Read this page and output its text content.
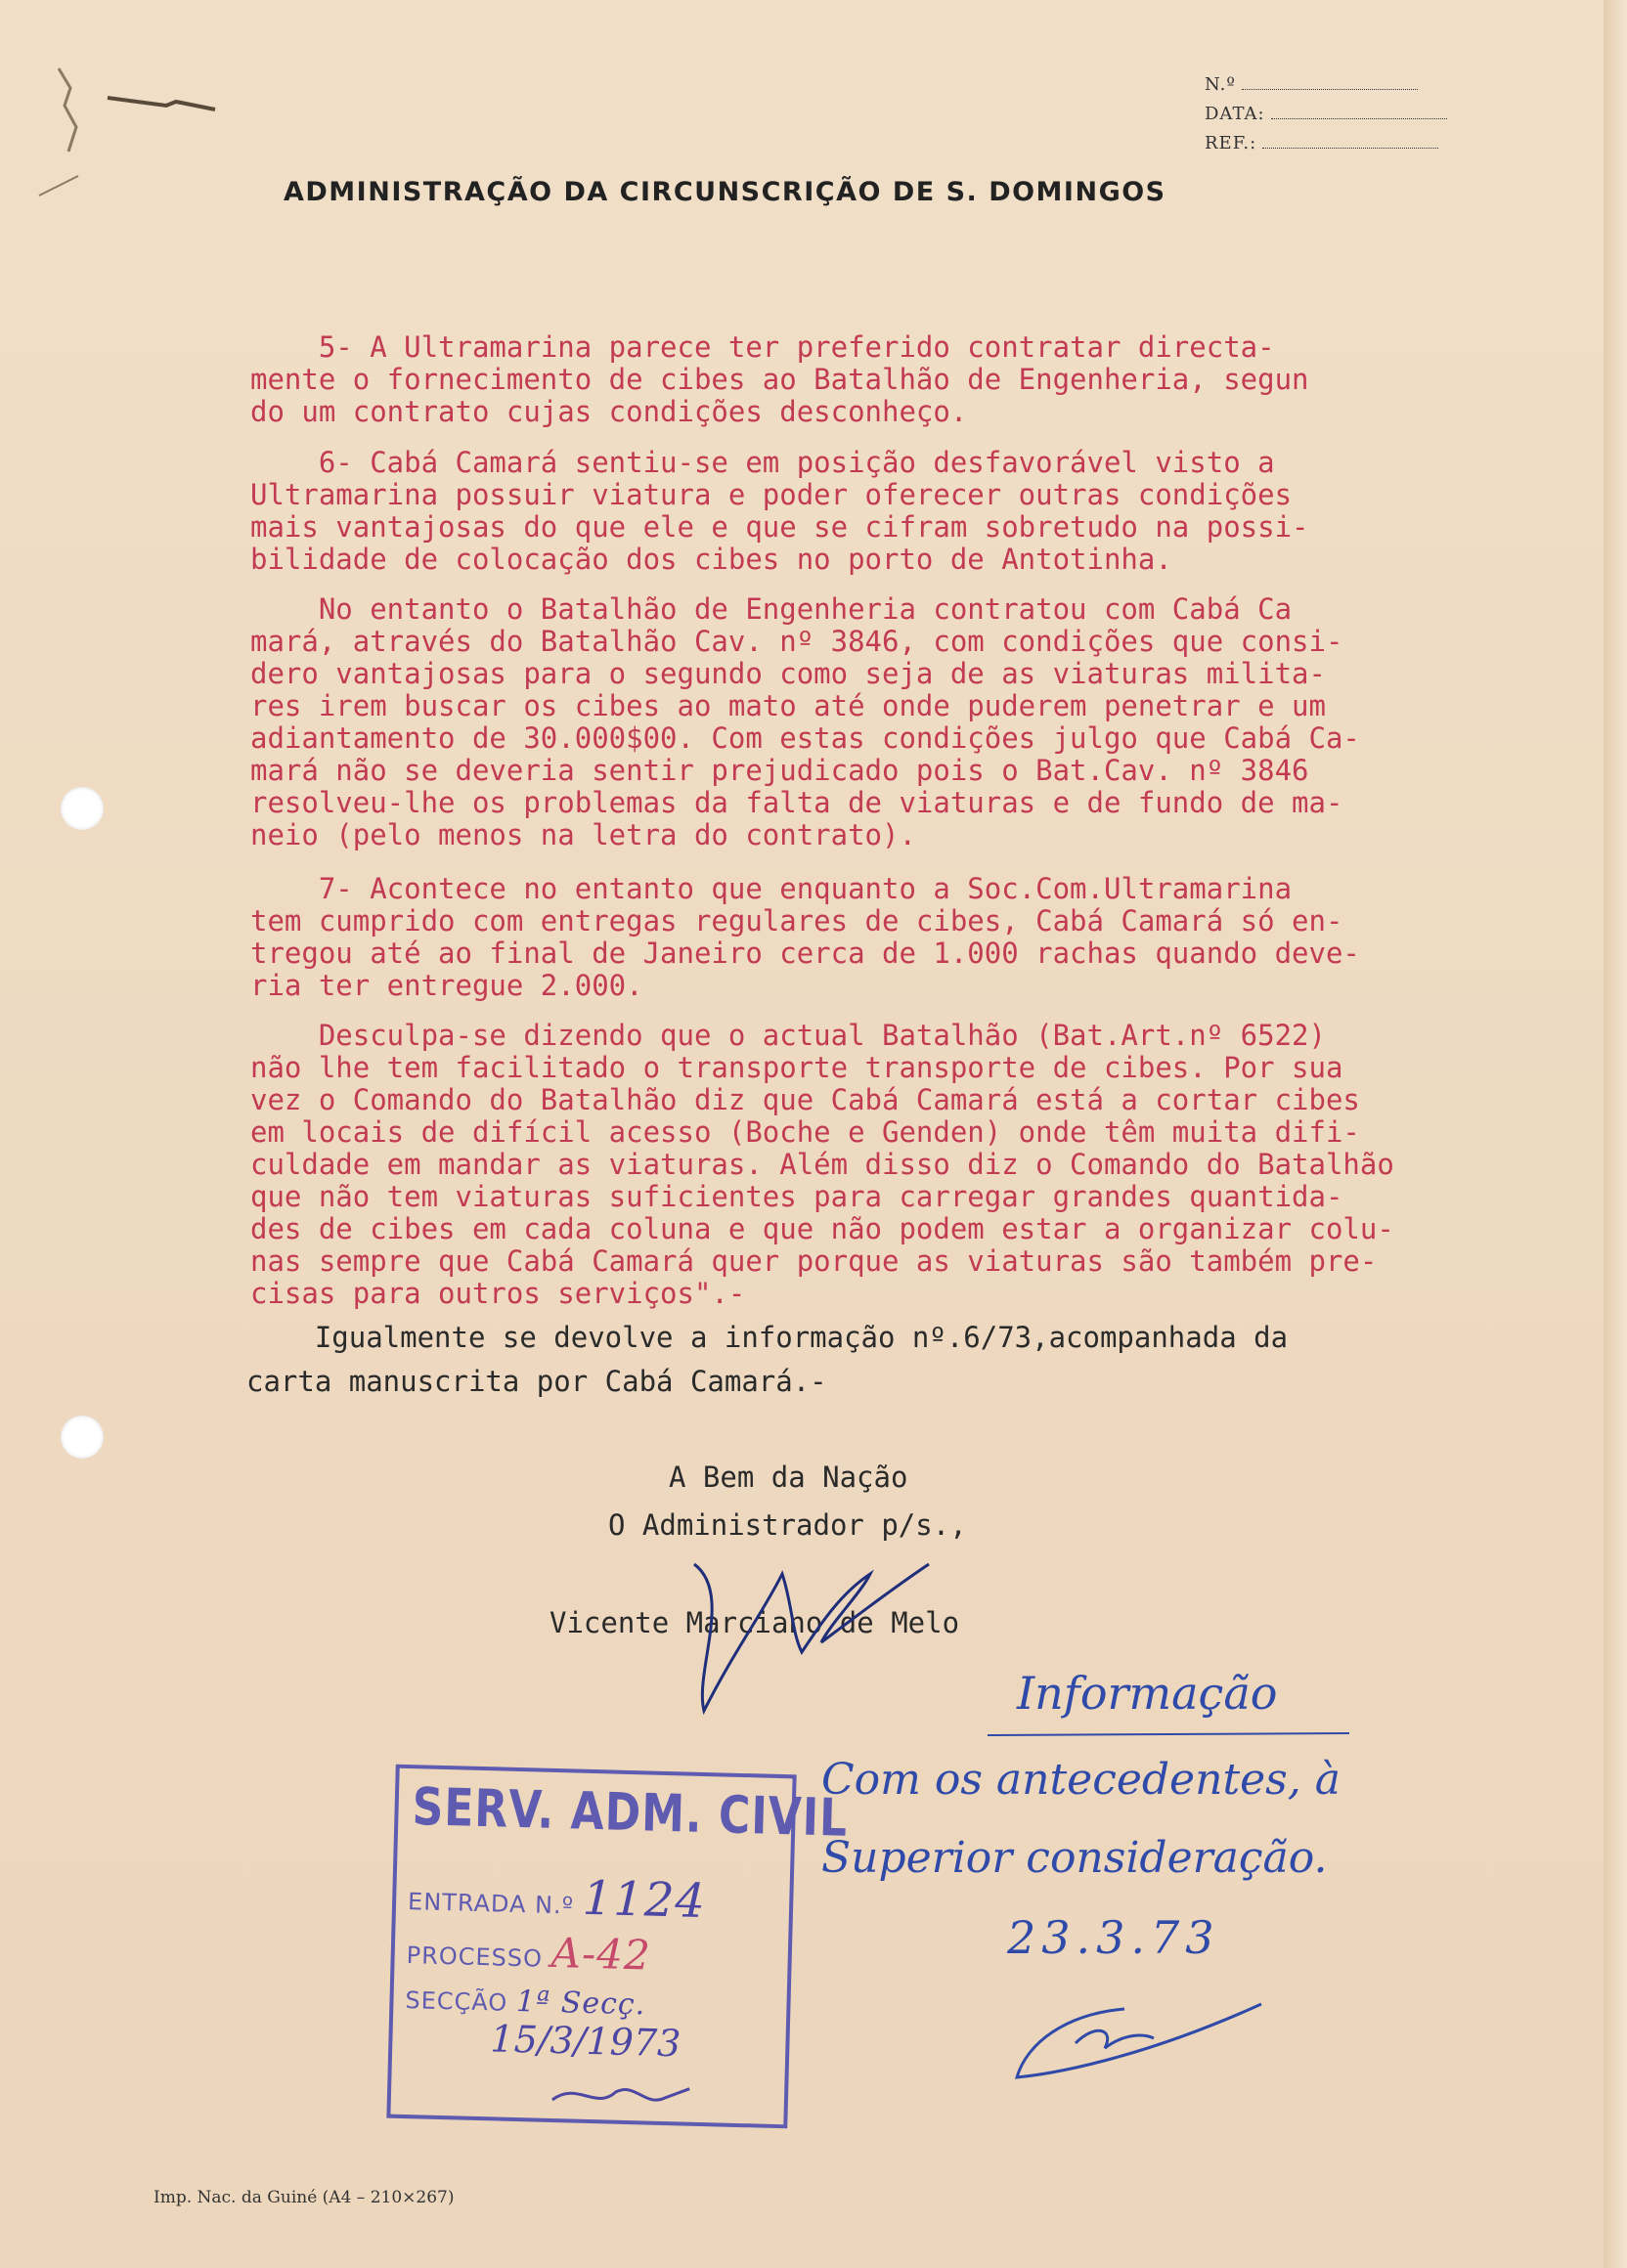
N.º
DATA:
REF.:
ADMINISTRAÇÃO DA CIRCUNSCRIÇÃO DE S. DOMINGOS

5- A Ultramarina parece ter preferido contratar directa-
mente o fornecimento de cibes ao Batalhão de Engenheria, segun
do um contrato cujas condições desconheço.

6- Cabá Camará sentiu-se em posição desfavorável visto a
Ultramarina possuir viatura e poder oferecer outras condições
mais vantajosas do que ele e que se cifram sobretudo na possi-
bilidade de colocação dos cibes no porto de Antotinha.

No entanto o Batalhão de Engenheria contratou com Cabá Ca
mará, através do Batalhão Cav. nº 3846, com condições que consi-
dero vantajosas para o segundo como seja de as viaturas milita-
res irem buscar os cibes ao mato até onde puderem penetrar e um
adiantamento de 30.000$00. Com estas condições julgo que Cabá Ca-
mará não se deveria sentir prejudicado pois o Bat.Cav. nº 3846
resolveu-lhe os problemas da falta de viaturas e de fundo de ma-
neio (pelo menos na letra do contrato).

7- Acontece no entanto que enquanto a Soc.Com.Ultramarina
tem cumprido com entregas regulares de cibes, Cabá Camará só en-
tregou até ao final de Janeiro cerca de 1.000 rachas quando deve-
ria ter entregue 2.000.

Desculpa-se dizendo que o actual Batalhão (Bat.Art.nº 6522)
não lhe tem facilitado o transporte transporte de cibes. Por sua
vez o Comando do Batalhão diz que Cabá Camará está a cortar cibes
em locais de difícil acesso (Boche e Genden) onde têm muita difi-
culdade em mandar as viaturas. Além disso diz o Comando do Batalhão
que não tem viaturas suficientes para carregar grandes quantida-
des de cibes em cada coluna e que não podem estar a organizar colu-
nas sempre que Cabá Camará quer porque as viaturas são também pre-
cisas para outros serviços".-
Igualmente se devolve a informação nº.6/73,acompanhada da
carta manuscrita por Cabá Camará.-
A Bem da Nação
O Administrador p/s.,
Vicente Marciano de Melo
SERV. ADM. CIVIL
ENTRADA N.º 1124
PROCESSO A-42
SECÇÃO 1ª Secç.
15/3/1973
Informação
Com os antecedentes, à
Superior consideração.
23.3.73
Imp. Nac. da Guiné (A4 – 210×267)
